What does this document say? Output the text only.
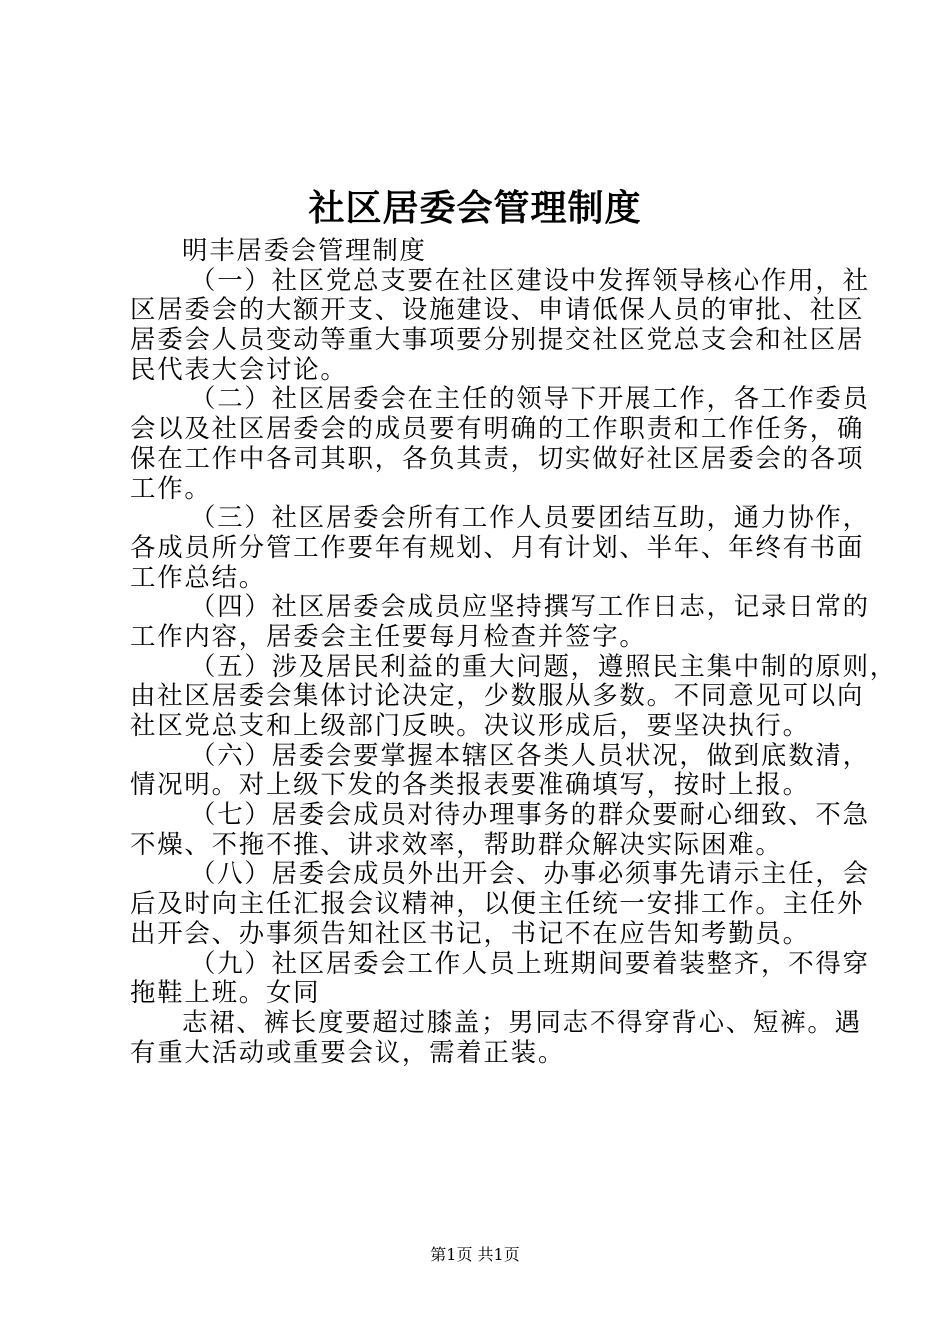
社区居委会管理制度
明丰居委会管理制度
（一）社区党总支要在社区建设中发挥领导核心作用，社
区居委会的大额开支、设施建设、申请低保人员的审批、社区
居委会人员变动等重大事项要分别提交社区党总支会和社区居
民代表大会讨论。
（二）社区居委会在主任的领导下开展工作，各工作委员
会以及社区居委会的成员要有明确的工作职责和工作任务，确
保在工作中各司其职，各负其责，切实做好社区居委会的各项
工作。
（三）社区居委会所有工作人员要团结互助，通力协作，
各成员所分管工作要年有规划、月有计划、半年、年终有书面
工作总结。
（四）社区居委会成员应坚持撰写工作日志，记录日常的
工作内容，居委会主任要每月检查并签字。
（五）涉及居民利益的重大问题，遵照民主集中制的原则，
由社区居委会集体讨论决定，少数服从多数。不同意见可以向
社区党总支和上级部门反映。决议形成后，要坚决执行。
（六）居委会要掌握本辖区各类人员状况，做到底数清，
情况明。对上级下发的各类报表要准确填写，按时上报。
（七）居委会成员对待办理事务的群众要耐心细致、不急
不燥、不拖不推、讲求效率，帮助群众解决实际困难。
（八）居委会成员外出开会、办事必须事先请示主任，会
后及时向主任汇报会议精神，以便主任统一安排工作。主任外
出开会、办事须告知社区书记，书记不在应告知考勤员。
（九）社区居委会工作人员上班期间要着装整齐，不得穿
拖鞋上班。女同
志裙、裤长度要超过膝盖；男同志不得穿背心、短裤。遇
有重大活动或重要会议，需着正装。
第1页 共1页
